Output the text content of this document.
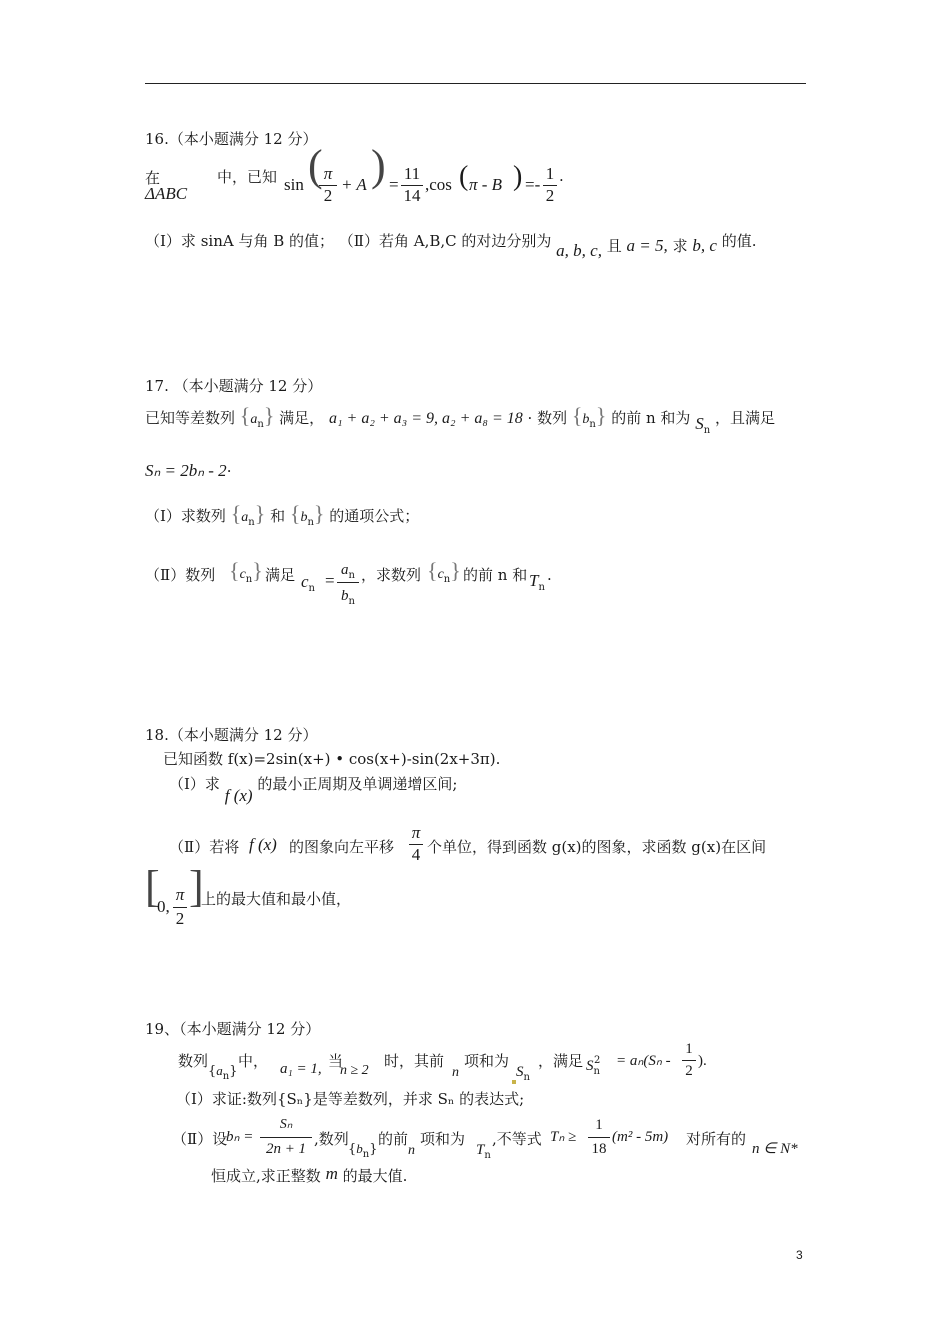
16.（本小题满分 12 分）
在
ΔABC
中，已知 sin ( π
2
+ A ) =
11
14
,cos ( π - B ) =-
1
2
·
（Ⅰ）求 sinA 与角 B 的值； （Ⅱ）若角 A,B,C 的对边分别为 a, b, c, 且 a = 5, 求 b, c 的值.
17. （本小题满分 12 分）
已知等差数列 $\{a_n\}$ 满足， a₁ + a₂ + a₃ = 9, a₂ + a₈ = 18 · 数列 $\{b_n\}$ 的前 n 和为 $S_n$ ，且满足
Sₙ = 2bₙ - 2·
（Ⅰ）求数列 $\{a_n\}$ 和 $\{b_n\}$ 的通项公式；
（Ⅱ）数列 $\{c_n\}$ 满足 $c_n$ =
$a_n$
$b_n$
，求数列 $\{c_n\}$ 的前 n 和 $T_n$
.
18.（本小题满分 12 分）
已知函数 f(x)=2sin(x+) • cos(x+)-sin(2x+3π).
（Ⅰ）求 f (x) 的最小正周期及单调递增区间;
（Ⅱ）若将 f (x) 的图象向左平移
π
4 个单位，得到函数 g(x)的图象，求函数 g(x)在区间
[
0,
π
2
]
上的最大值和最小值，
19、（本小题满分 12 分）
数列
$\{a_n\}$
中， a₁ = 1, 当
n ≥ 2
时，其前
n
项和为
$S_n$
，满足 $S_n^2$	= aₙ(Sₙ -
1
2
).
（Ⅰ）求证:数列{Sₙ}是等差数列，并求 Sₙ 的表达式;
（Ⅱ）设
bₙ =
Sₙ
2n + 1
,数列
$\{b_n\}$
的前
n
项和为
$T_n$
,不等式 Tₙ ≥
1
18
(m² - 5m) 对所有的
n ∈ N*
恒成立,求正整数 m 的最大值.
3
